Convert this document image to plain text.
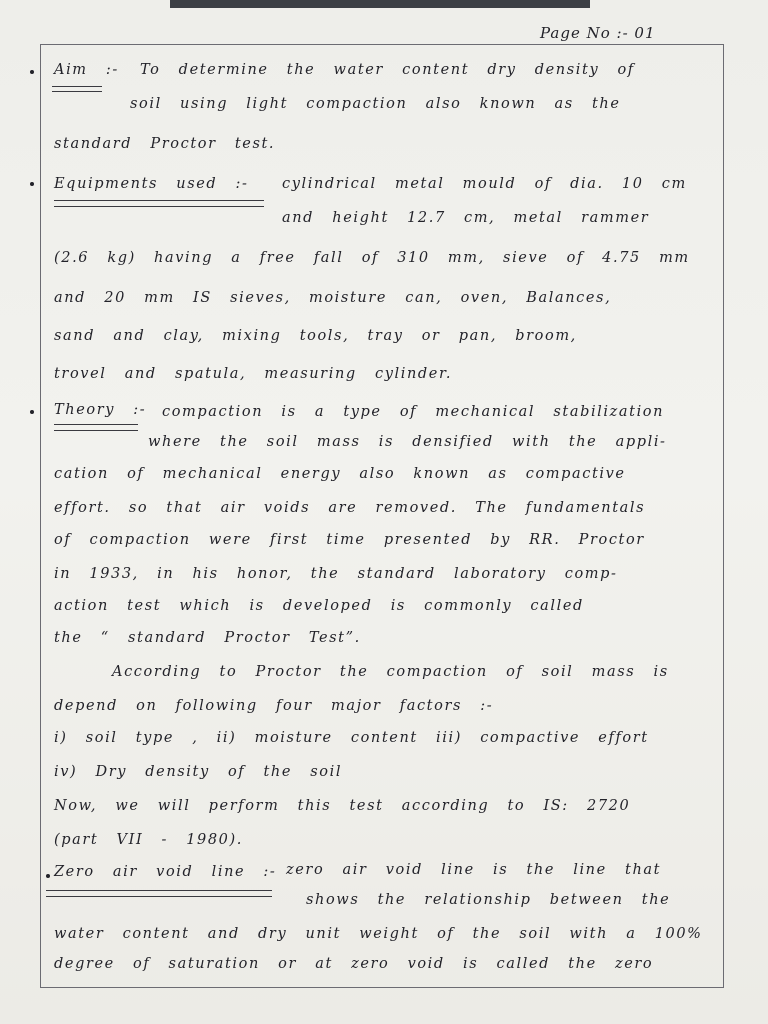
Page No :- 01
Aim :- To determine the water content dry density of
soil using light compaction also known as the
standard Proctor test.
Equipments used :- cylindrical metal mould of dia. 10 cm
and height 12.7 cm, metal rammer
(2.6 kg) having a free fall of 310 mm, sieve of 4.75 mm
and 20 mm IS sieves, moisture can, oven, Balances,
sand and clay, mixing tools, tray or pan, broom,
trovel and spatula, measuring cylinder.
Theory :- compaction is a type of mechanical stabilization
where the soil mass is densified with the appli-
cation of mechanical energy also known as compactive
effort. so that air voids are removed. The fundamentals
of compaction were first time presented by RR. Proctor
in 1933, in his honor, the standard laboratory comp-
action test which is developed is commonly called
the “ standard Proctor Test”.
According to Proctor the compaction of soil mass is
depend on following four major factors :-
i) soil type , ii) moisture content iii) compactive effort
iv) Dry density of the soil
Now, we will perform this test according to IS: 2720
(part VII - 1980).
Zero air void line :- zero air void line is the line that
shows the relationship between the
water content and dry unit weight of the soil with a 100%
degree of saturation or at zero void is called the zero
